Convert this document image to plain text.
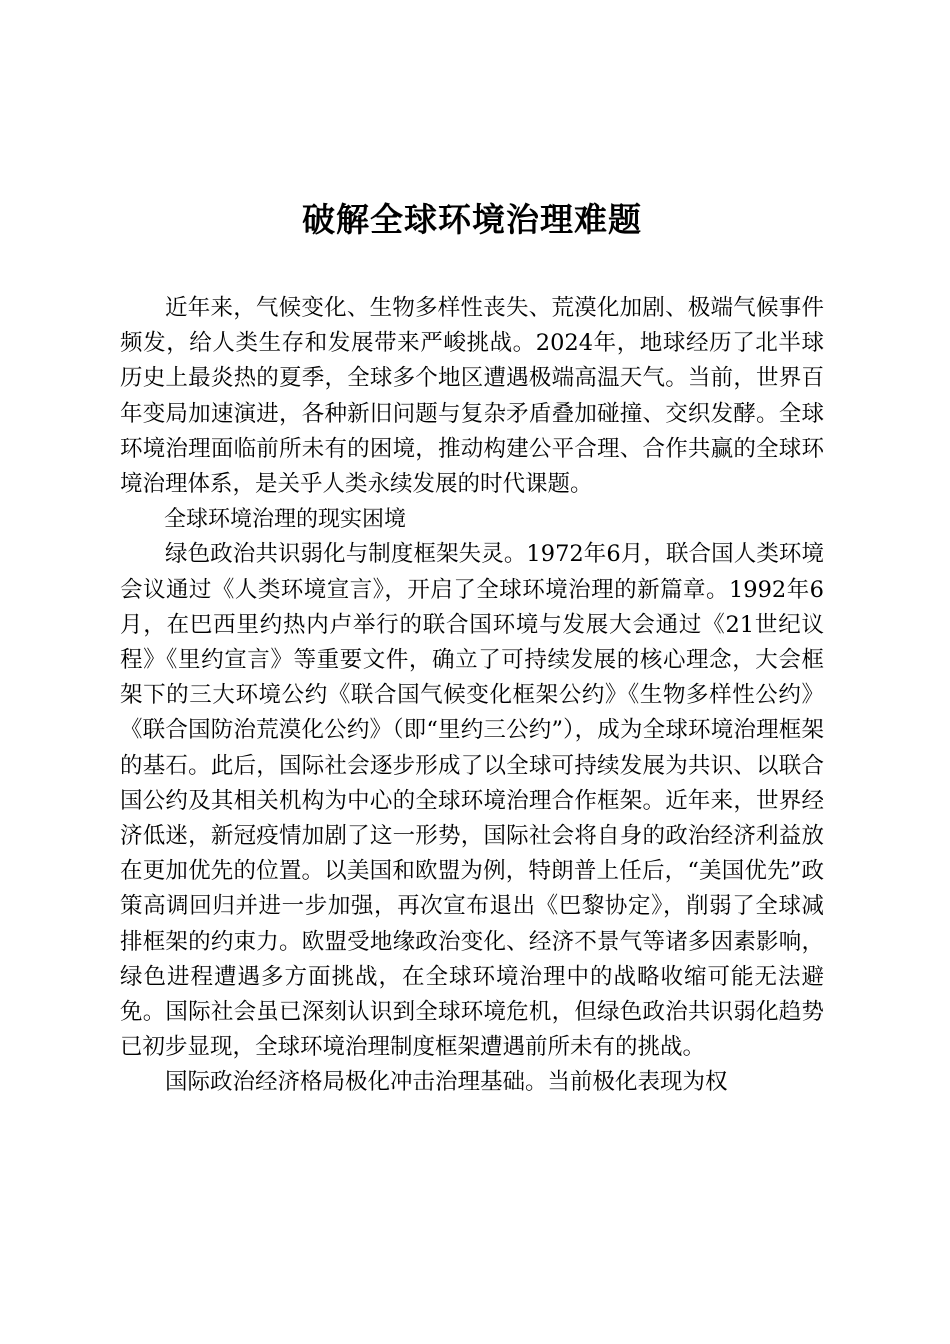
破解全球环境治理难题

近年来，气候变化、生物多样性丧失、荒漠化加剧、极端气候事件频发，给人类生存和发展带来严峻挑战。2024年，地球经历了北半球历史上最炎热的夏季，全球多个地区遭遇极端高温天气。当前，世界百年变局加速演进，各种新旧问题与复杂矛盾叠加碰撞、交织发酵。全球环境治理面临前所未有的困境，推动构建公平合理、合作共赢的全球环境治理体系，是关乎人类永续发展的时代课题。

全球环境治理的现实困境

绿色政治共识弱化与制度框架失灵。1972年6月，联合国人类环境会议通过《人类环境宣言》，开启了全球环境治理的新篇章。1992年6月，在巴西里约热内卢举行的联合国环境与发展大会通过《21世纪议程》《里约宣言》等重要文件，确立了可持续发展的核心理念，大会框架下的三大环境公约《联合国气候变化框架公约》《生物多样性公约》《联合国防治荒漠化公约》（即“里约三公约”），成为全球环境治理框架的基石。此后，国际社会逐步形成了以全球可持续发展为共识、以联合国公约及其相关机构为中心的全球环境治理合作框架。近年来，世界经济低迷，新冠疫情加剧了这一形势，国际社会将自身的政治经济利益放在更加优先的位置。以美国和欧盟为例，特朗普上任后，“美国优先”政策高调回归并进一步加强，再次宣布退出《巴黎协定》，削弱了全球减排框架的约束力。欧盟受地缘政治变化、经济不景气等诸多因素影响，绿色进程遭遇多方面挑战，在全球环境治理中的战略收缩可能无法避免。国际社会虽已深刻认识到全球环境危机，但绿色政治共识弱化趋势已初步显现，全球环境治理制度框架遭遇前所未有的挑战。

国际政治经济格局极化冲击治理基础。当前极化表现为权
